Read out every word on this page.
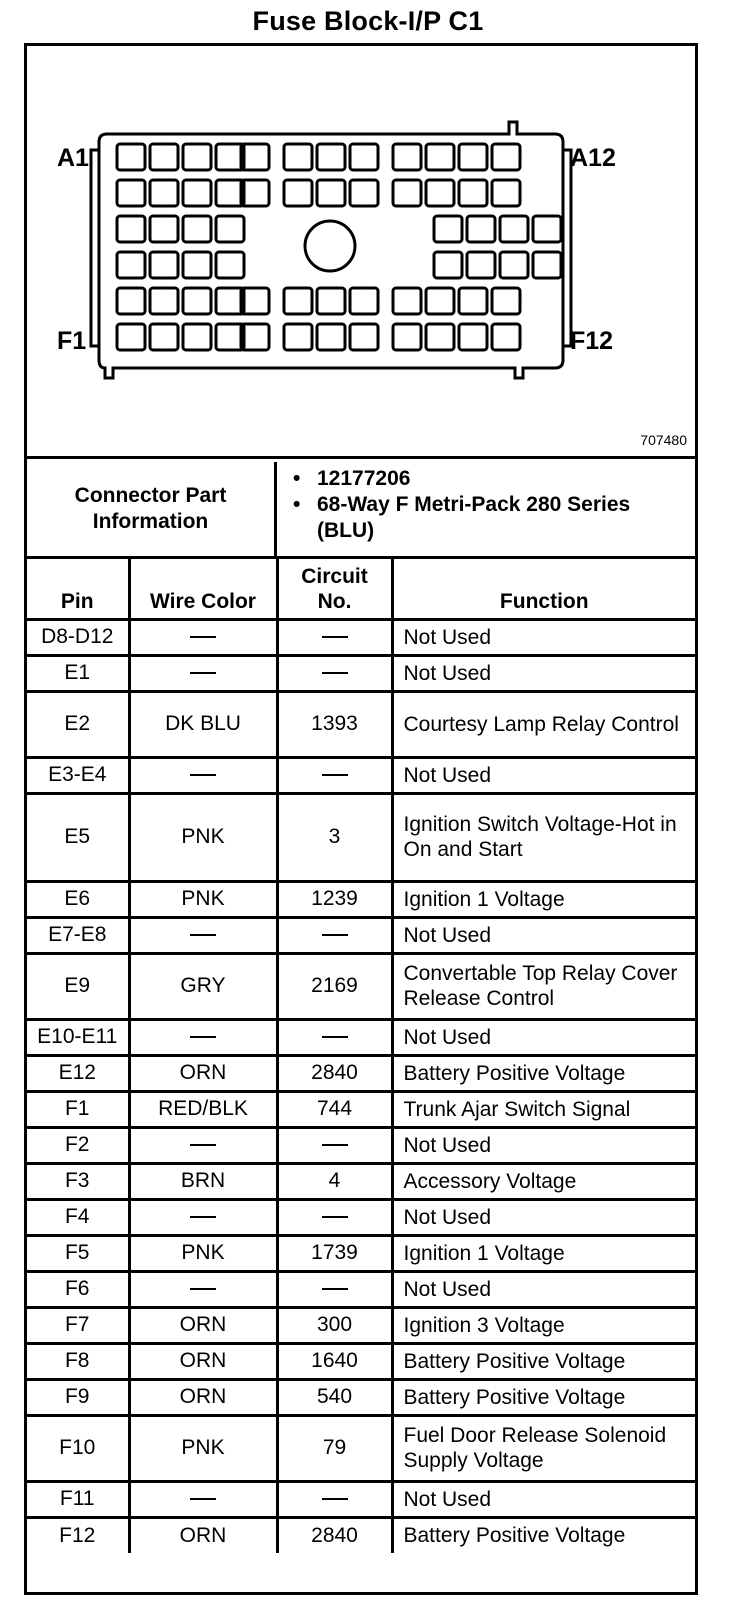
Fuse Block-I/P C1
A1	A12
F1	F12
707480
Connector Part Information
• 12177206
• 68-Way F Metri-Pack 280 Series (BLU)
Pin	Wire Color	Circuit No.	Function
D8-D12			Not Used
E1			Not Used
E2	DK BLU	1393	Courtesy Lamp Relay Control
E3-E4			Not Used
E5	PNK	3	Ignition Switch Voltage-Hot in On and Start
E6	PNK	1239	Ignition 1 Voltage
E7-E8			Not Used
E9	GRY	2169	Convertable Top Relay Cover Release Control
E10-E11			Not Used
E12	ORN	2840	Battery Positive Voltage
F1	RED/BLK	744	Trunk Ajar Switch Signal
F2			Not Used
F3	BRN	4	Accessory Voltage
F4			Not Used
F5	PNK	1739	Ignition 1 Voltage
F6			Not Used
F7	ORN	300	Ignition 3 Voltage
F8	ORN	1640	Battery Positive Voltage
F9	ORN	540	Battery Positive Voltage
F10	PNK	79	Fuel Door Release Solenoid Supply Voltage
F11			Not Used
F12	ORN	2840	Battery Positive Voltage
